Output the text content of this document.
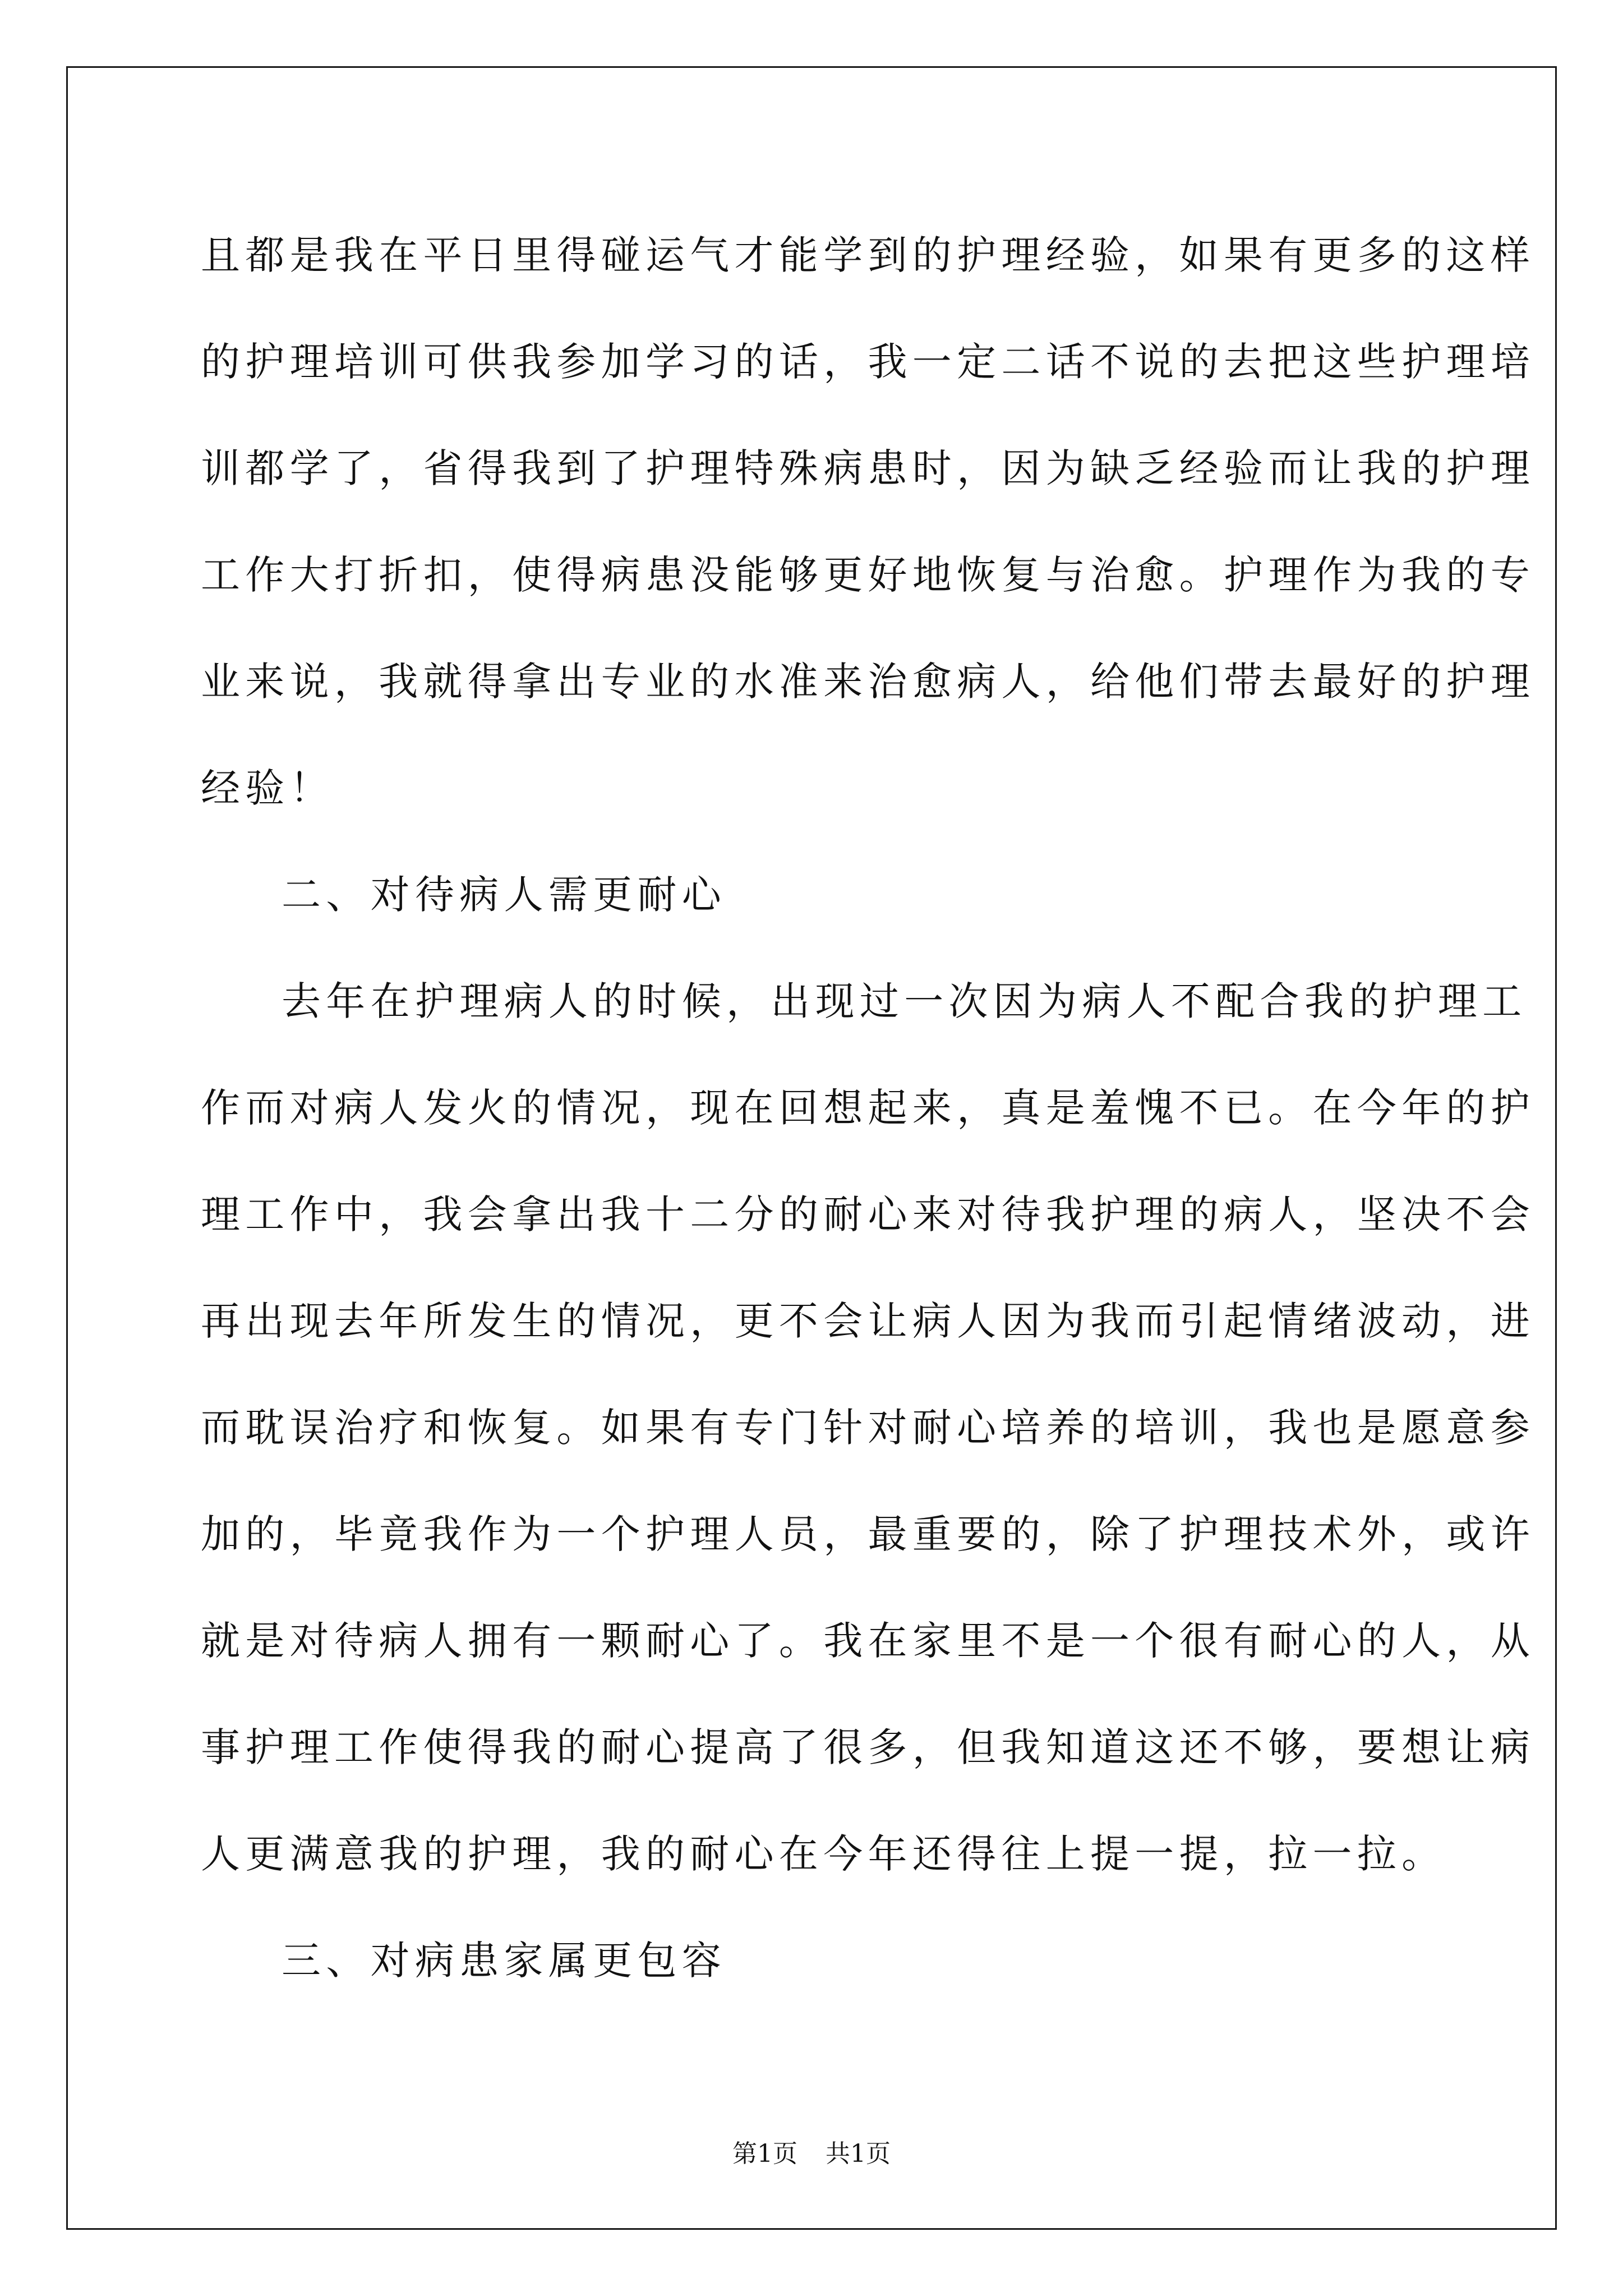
且都是我在平日里得碰运气才能学到的护理经验，如果有更多的这样
的护理培训可供我参加学习的话，我一定二话不说的去把这些护理培
训都学了，省得我到了护理特殊病患时，因为缺乏经验而让我的护理
工作大打折扣，使得病患没能够更好地恢复与治愈。护理作为我的专
业来说，我就得拿出专业的水准来治愈病人，给他们带去最好的护理
经验！
二、对待病人需更耐心
去年在护理病人的时候，出现过一次因为病人不配合我的护理工
作而对病人发火的情况，现在回想起来，真是羞愧不已。在今年的护
理工作中，我会拿出我十二分的耐心来对待我护理的病人，坚决不会
再出现去年所发生的情况，更不会让病人因为我而引起情绪波动，进
而耽误治疗和恢复。如果有专门针对耐心培养的培训，我也是愿意参
加的，毕竟我作为一个护理人员，最重要的，除了护理技术外，或许
就是对待病人拥有一颗耐心了。我在家里不是一个很有耐心的人，从
事护理工作使得我的耐心提高了很多，但我知道这还不够，要想让病
人更满意我的护理，我的耐心在今年还得往上提一提，拉一拉。
三、对病患家属更包容
第1页 共1页
